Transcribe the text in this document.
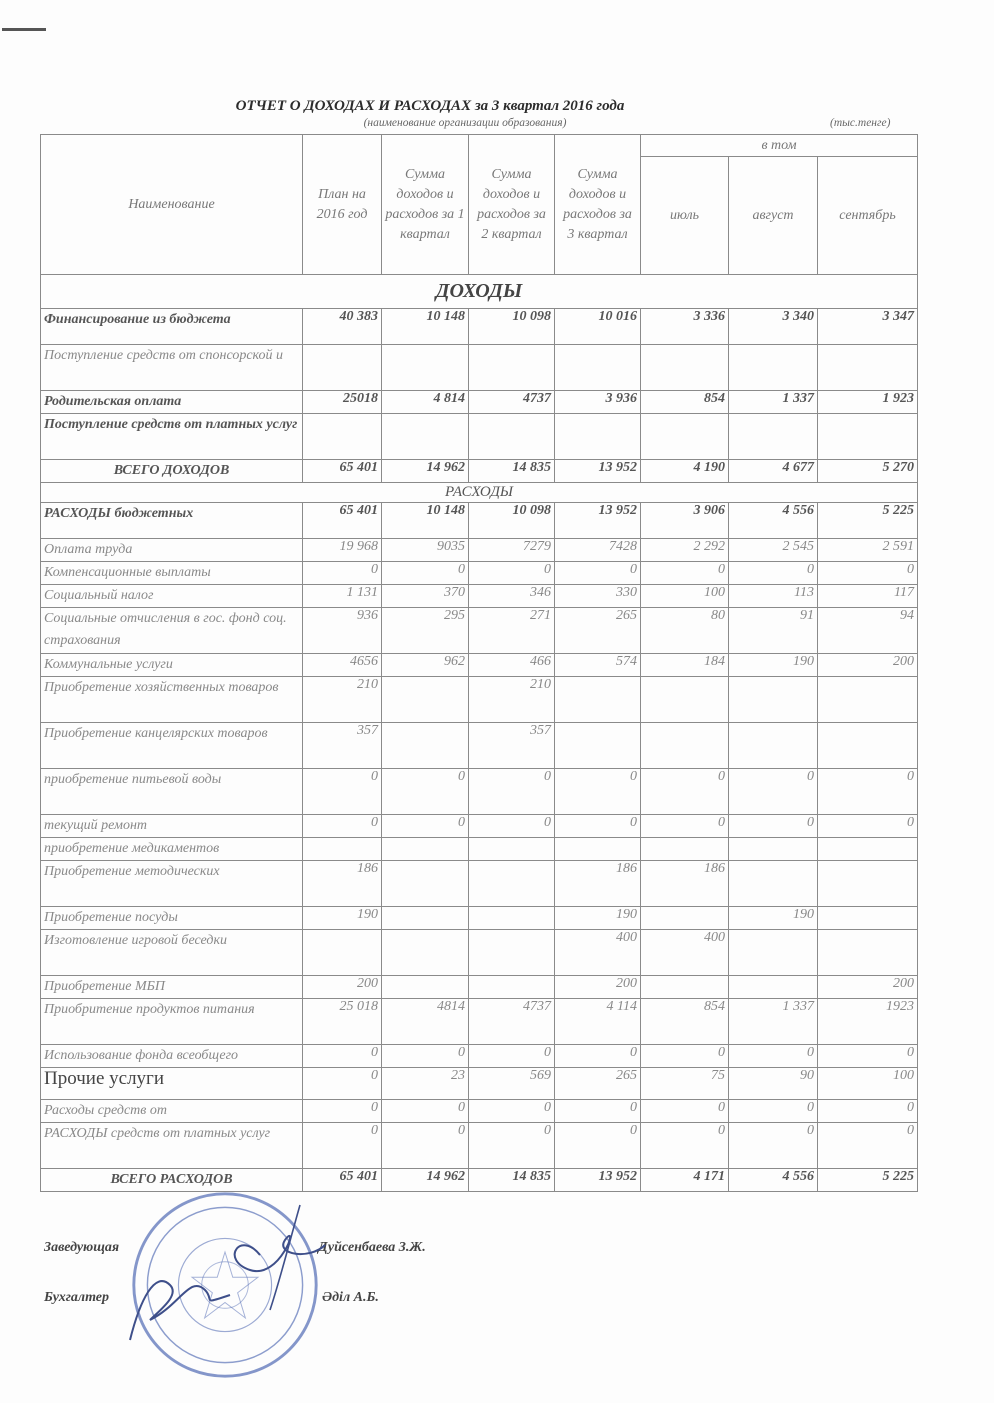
ОТЧЕТ О ДОХОДАХ И РАСХОДАХ за 3 квартал 2016 года
(наименование организации образования)	(тыс.тенге)
Наименование	План на 2016 год	Сумма доходов и расходов за 1 квартал	Сумма доходов и расходов за 2 квартал	Сумма доходов и расходов за 3 квартал	в том		
					июль	август	сентябрь
ДОХОДЫ							
Финансирование из бюджета	40 383	10 148	10 098	10 016	3 336	3 340	3 347
Поступление средств от спонсорской и							
Родительская оплата	25018	4 814	4737	3 936	854	1 337	1 923
Поступление средств от платных услуг							
ВСЕГО ДОХОДОВ	65 401	14 962	14 835	13 952	4 190	4 677	5 270
РАСХОДЫ							
РАСХОДЫ бюджетных	65 401	10 148	10 098	13 952	3 906	4 556	5 225
Оплата труда	19 968	9035	7279	7428	2 292	2 545	2 591
Компенсационные выплаты	0	0	0	0	0	0	0
Социальный налог	1 131	370	346	330	100	113	117
Социальные отчисления в гос. фонд соц. страхования	936	295	271	265	80	91	94
Коммунальные услуги	4656	962	466	574	184	190	200
Приобретение хозяйственных товаров	210		210				
Приобретение канцелярских товаров	357		357				
приобретение питьевой воды	0	0	0	0	0	0	0
текущий ремонт	0	0	0	0	0	0	0
приобретение медикаментов							
Приобретение методических	186			186	186		
Приобретение посуды	190			190		190	
Изготовление игровой беседки				400	400		
Приобретение МБП	200			200			200
Приобритение продуктов питания	25 018	4814	4737	4 114	854	1 337	1923
Использование фонда всеобщего	0	0	0	0	0	0	0
Прочие услуги	0	23	569	265	75	90	100
Расходы средств от	0	0	0	0	0	0	0
РАСХОДЫ средств от платных услуг	0	0	0	0	0	0	0
ВСЕГО РАСХОДОВ	65 401	14 962	14 835	13 952	4 171	4 556	5 225
Заведующая	Дуйсенбаева З.Ж.
Бухгалтер	Әділ А.Б.
